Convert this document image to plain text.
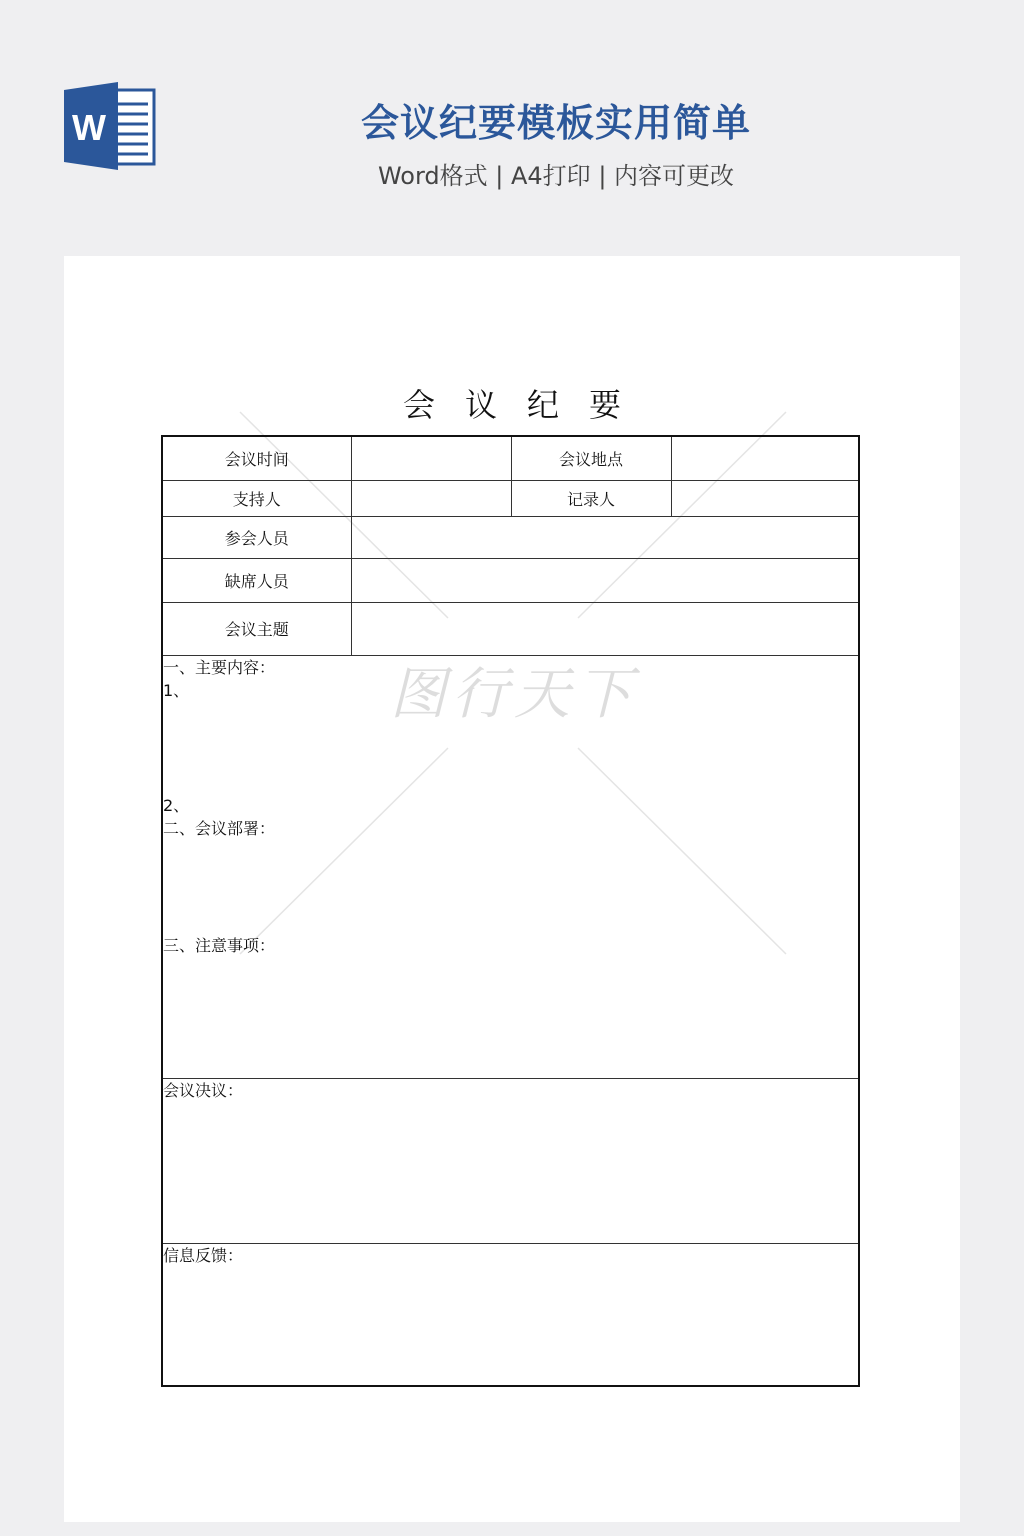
W	会议纪要模板实用简单
Word格式 | A4打印 | 内容可更改
图行天下
会议纪要
会议时间		会议地点	
支持人		记录人	
参会人员			
缺席人员			
会议主题			

一、主要内容：
1、
2、
二、会议部署：
三、注意事项：			

会议决议：			

信息反馈：			
